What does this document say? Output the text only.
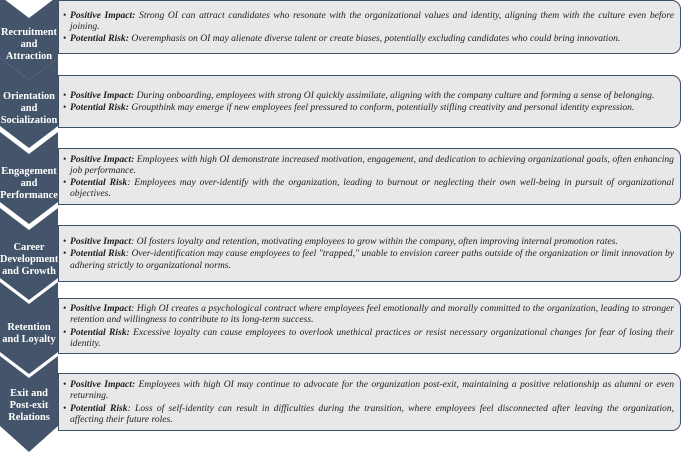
Recruitment
and
Attraction
• Positive Impact: Strong OI can attract candidates who resonate with the organizational values and identity, aligning them with the culture even before joining.
• Potential Risk: Overemphasis on OI may alienate diverse talent or create biases, potentially excluding candidates who could bring innovation.
Orientation
and
Socialization
• Positive Impact: During onboarding, employees with strong OI quickly assimilate, aligning with the company culture and forming a sense of belonging.
• Potential Risk: Groupthink may emerge if new employees feel pressured to conform, potentially stifling creativity and personal identity expression.
Engagement
and
Performance
• Positive Impact: Employees with high OI demonstrate increased motivation, engagement, and dedication to achieving organizational goals, often enhancing job performance.
• Potential Risk: Employees may over-identify with the organization, leading to burnout or neglecting their own well-being in pursuit of organizational objectives.
Career
Development
and Growth
• Positive Impact: OI fosters loyalty and retention, motivating employees to grow within the company, often improving internal promotion rates.
• Potential Risk: Over-identification may cause employees to feel "trapped," unable to envision career paths outside of the organization or limit innovation by adhering strictly to organizational norms.
Retention
and Loyalty
• Positive Impact: High OI creates a psychological contract where employees feel emotionally and morally committed to the organization, leading to stronger retention and willingness to contribute to its long-term success.
• Potential Risk: Excessive loyalty can cause employees to overlook unethical practices or resist necessary organizational changes for fear of losing their identity.
Exit and
Post-exit
Relations
• Positive Impact: Employees with high OI may continue to advocate for the organization post-exit, maintaining a positive relationship as alumni or even returning.
• Potential Risk: Loss of self-identity can result in difficulties during the transition, where employees feel disconnected after leaving the organization, affecting their future roles.
